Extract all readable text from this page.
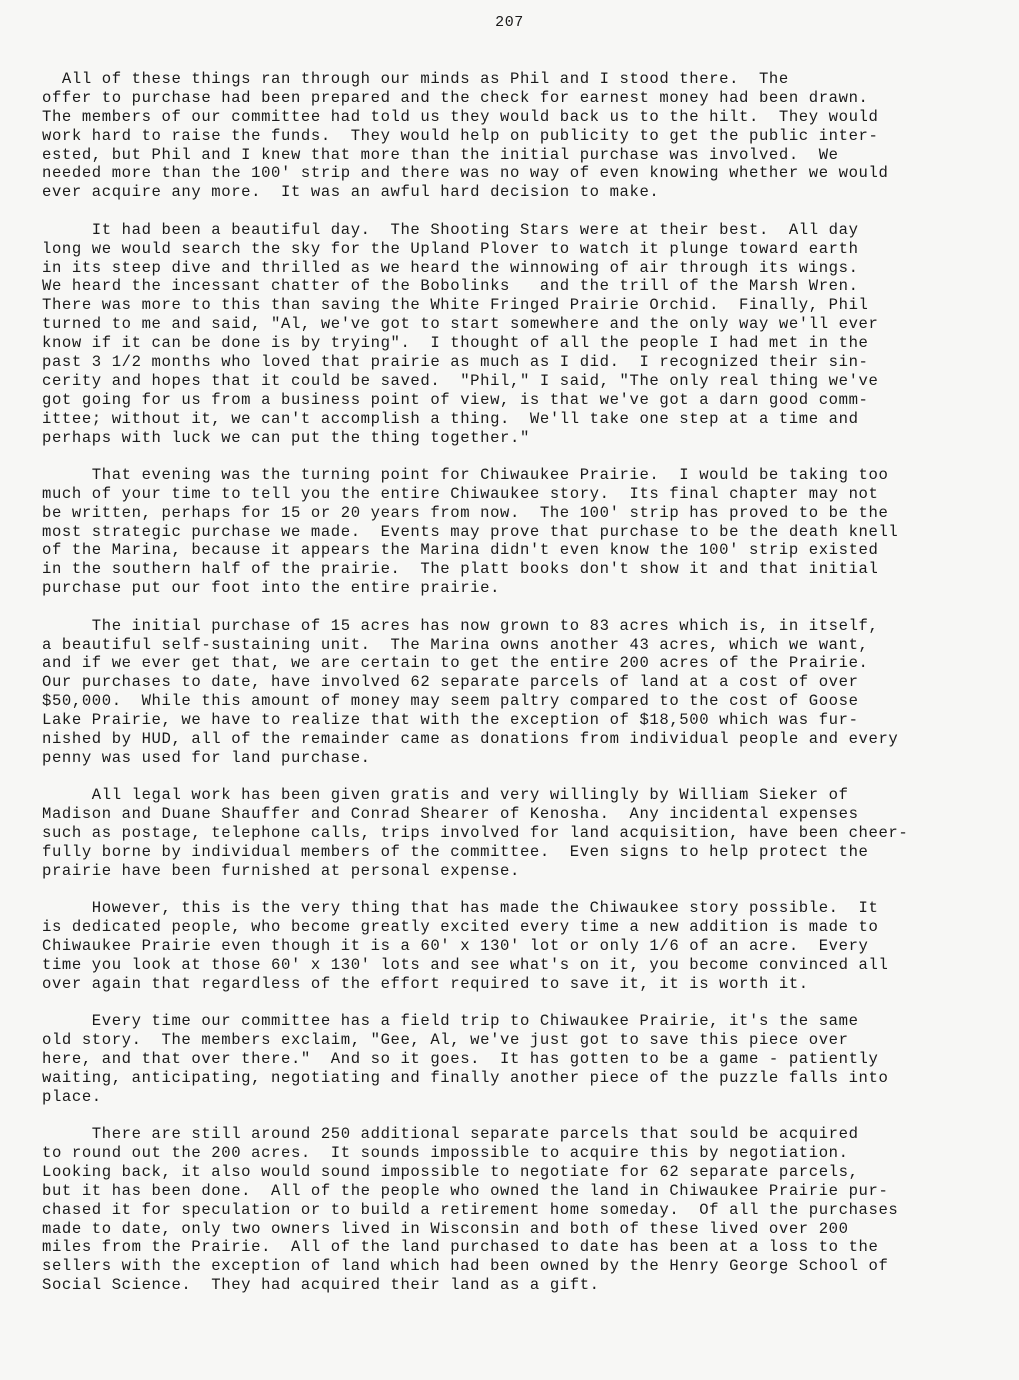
207
All of these things ran through our minds as Phil and I stood there.  The
offer to purchase had been prepared and the check for earnest money had been drawn.
The members of our committee had told us they would back us to the hilt.  They would
work hard to raise the funds.  They would help on publicity to get the public inter-
ested, but Phil and I knew that more than the initial purchase was involved.  We
needed more than the 100' strip and there was no way of even knowing whether we would
ever acquire any more.  It was an awful hard decision to make.
It had been a beautiful day.  The Shooting Stars were at their best.  All day
long we would search the sky for the Upland Plover to watch it plunge toward earth
in its steep dive and thrilled as we heard the winnowing of air through its wings.
We heard the incessant chatter of the Bobolinks   and the trill of the Marsh Wren.
There was more to this than saving the White Fringed Prairie Orchid.  Finally, Phil
turned to me and said, "Al, we've got to start somewhere and the only way we'll ever
know if it can be done is by trying".  I thought of all the people I had met in the
past 3 1/2 months who loved that prairie as much as I did.  I recognized their sin-
cerity and hopes that it could be saved.  "Phil," I said, "The only real thing we've
got going for us from a business point of view, is that we've got a darn good comm-
ittee; without it, we can't accomplish a thing.  We'll take one step at a time and
perhaps with luck we can put the thing together."
That evening was the turning point for Chiwaukee Prairie.  I would be taking too
much of your time to tell you the entire Chiwaukee story.  Its final chapter may not
be written, perhaps for 15 or 20 years from now.  The 100' strip has proved to be the
most strategic purchase we made.  Events may prove that purchase to be the death knell
of the Marina, because it appears the Marina didn't even know the 100' strip existed
in the southern half of the prairie.  The platt books don't show it and that initial
purchase put our foot into the entire prairie.
The initial purchase of 15 acres has now grown to 83 acres which is, in itself,
a beautiful self-sustaining unit.  The Marina owns another 43 acres, which we want,
and if we ever get that, we are certain to get the entire 200 acres of the Prairie.
Our purchases to date, have involved 62 separate parcels of land at a cost of over
$50,000.  While this amount of money may seem paltry compared to the cost of Goose
Lake Prairie, we have to realize that with the exception of $18,500 which was fur-
nished by HUD, all of the remainder came as donations from individual people and every
penny was used for land purchase.
All legal work has been given gratis and very willingly by William Sieker of
Madison and Duane Shauffer and Conrad Shearer of Kenosha.  Any incidental expenses
such as postage, telephone calls, trips involved for land acquisition, have been cheer-
fully borne by individual members of the committee.  Even signs to help protect the
prairie have been furnished at personal expense.
However, this is the very thing that has made the Chiwaukee story possible.  It
is dedicated people, who become greatly excited every time a new addition is made to
Chiwaukee Prairie even though it is a 60' x 130' lot or only 1/6 of an acre.  Every
time you look at those 60' x 130' lots and see what's on it, you become convinced all
over again that regardless of the effort required to save it, it is worth it.
Every time our committee has a field trip to Chiwaukee Prairie, it's the same
old story.  The members exclaim, "Gee, Al, we've just got to save this piece over
here, and that over there."  And so it goes.  It has gotten to be a game - patiently
waiting, anticipating, negotiating and finally another piece of the puzzle falls into
place.
There are still around 250 additional separate parcels that sould be acquired
to round out the 200 acres.  It sounds impossible to acquire this by negotiation.
Looking back, it also would sound impossible to negotiate for 62 separate parcels,
but it has been done.  All of the people who owned the land in Chiwaukee Prairie pur-
chased it for speculation or to build a retirement home someday.  Of all the purchases
made to date, only two owners lived in Wisconsin and both of these lived over 200
miles from the Prairie.  All of the land purchased to date has been at a loss to the
sellers with the exception of land which had been owned by the Henry George School of
Social Science.  They had acquired their land as a gift.
